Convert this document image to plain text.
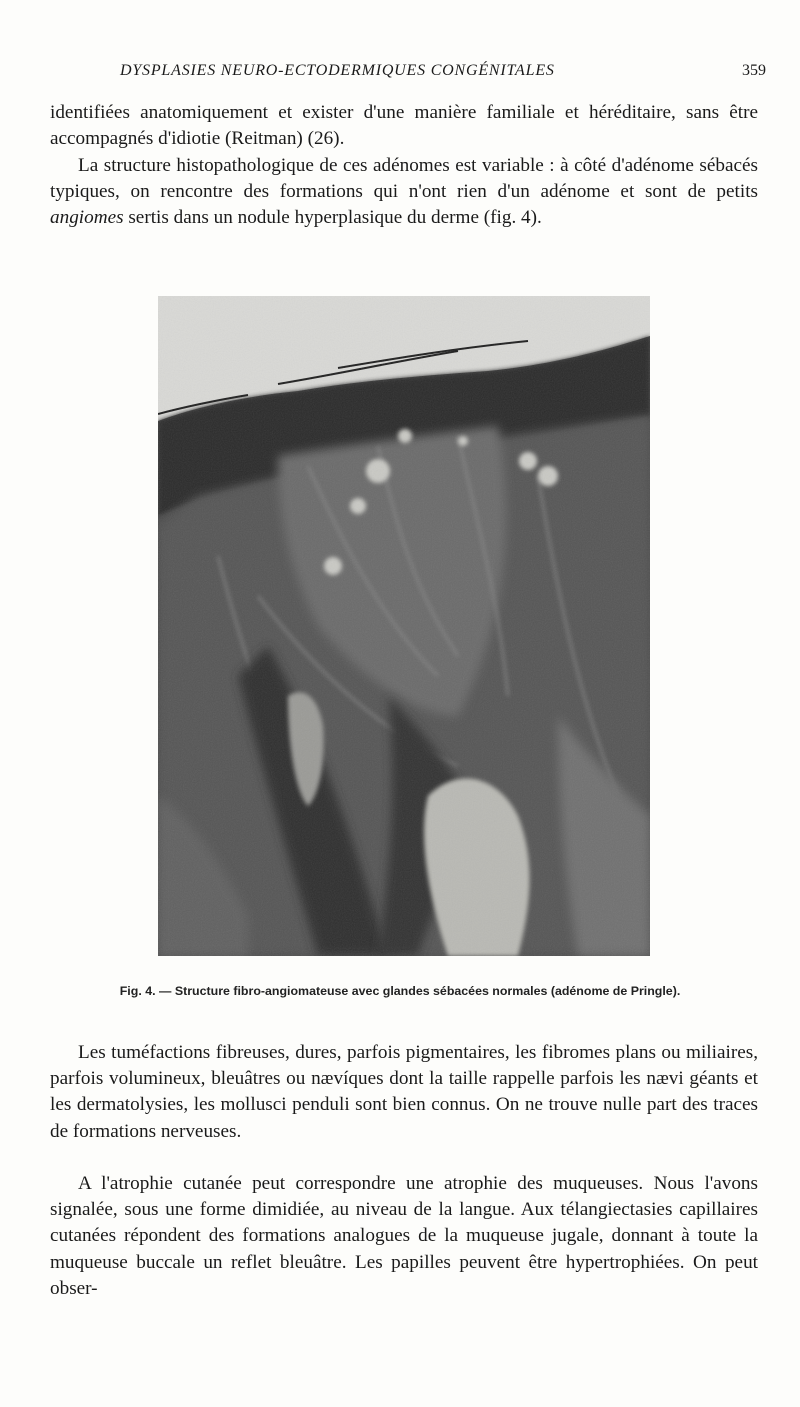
DYSPLASIES NEURO-ECTODERMIQUES CONGÉNITALES	359

identifiées anatomiquement et exister d'une manière familiale et héréditaire, sans être accompagnés d'idiotie (Reitman) (26).

La structure histopathologique de ces adénomes est variable : à côté d'adénome sébacés typiques, on rencontre des formations qui n'ont rien d'un adénome et sont de petits angiomes sertis dans un nodule hyperplasique du derme (fig. 4).

Fig. 4. — Structure fibro-angiomateuse avec glandes sébacées normales (adénome de Pringle).

Les tuméfactions fibreuses, dures, parfois pigmentaires, les fibromes plans ou miliaires, parfois volumineux, bleuâtres ou nævíques dont la taille rappelle parfois les nævi géants et les dermatolysies, les mollusci penduli sont bien connus. On ne trouve nulle part des traces de formations nerveuses.

A l'atrophie cutanée peut correspondre une atrophie des muqueuses. Nous l'avons signalée, sous une forme dimidiée, au niveau de la langue. Aux télangiectasies capillaires cutanées répondent des formations analogues de la muqueuse jugale, donnant à toute la muqueuse buccale un reflet bleuâtre. Les papilles peuvent être hypertrophiées. On peut obser-
